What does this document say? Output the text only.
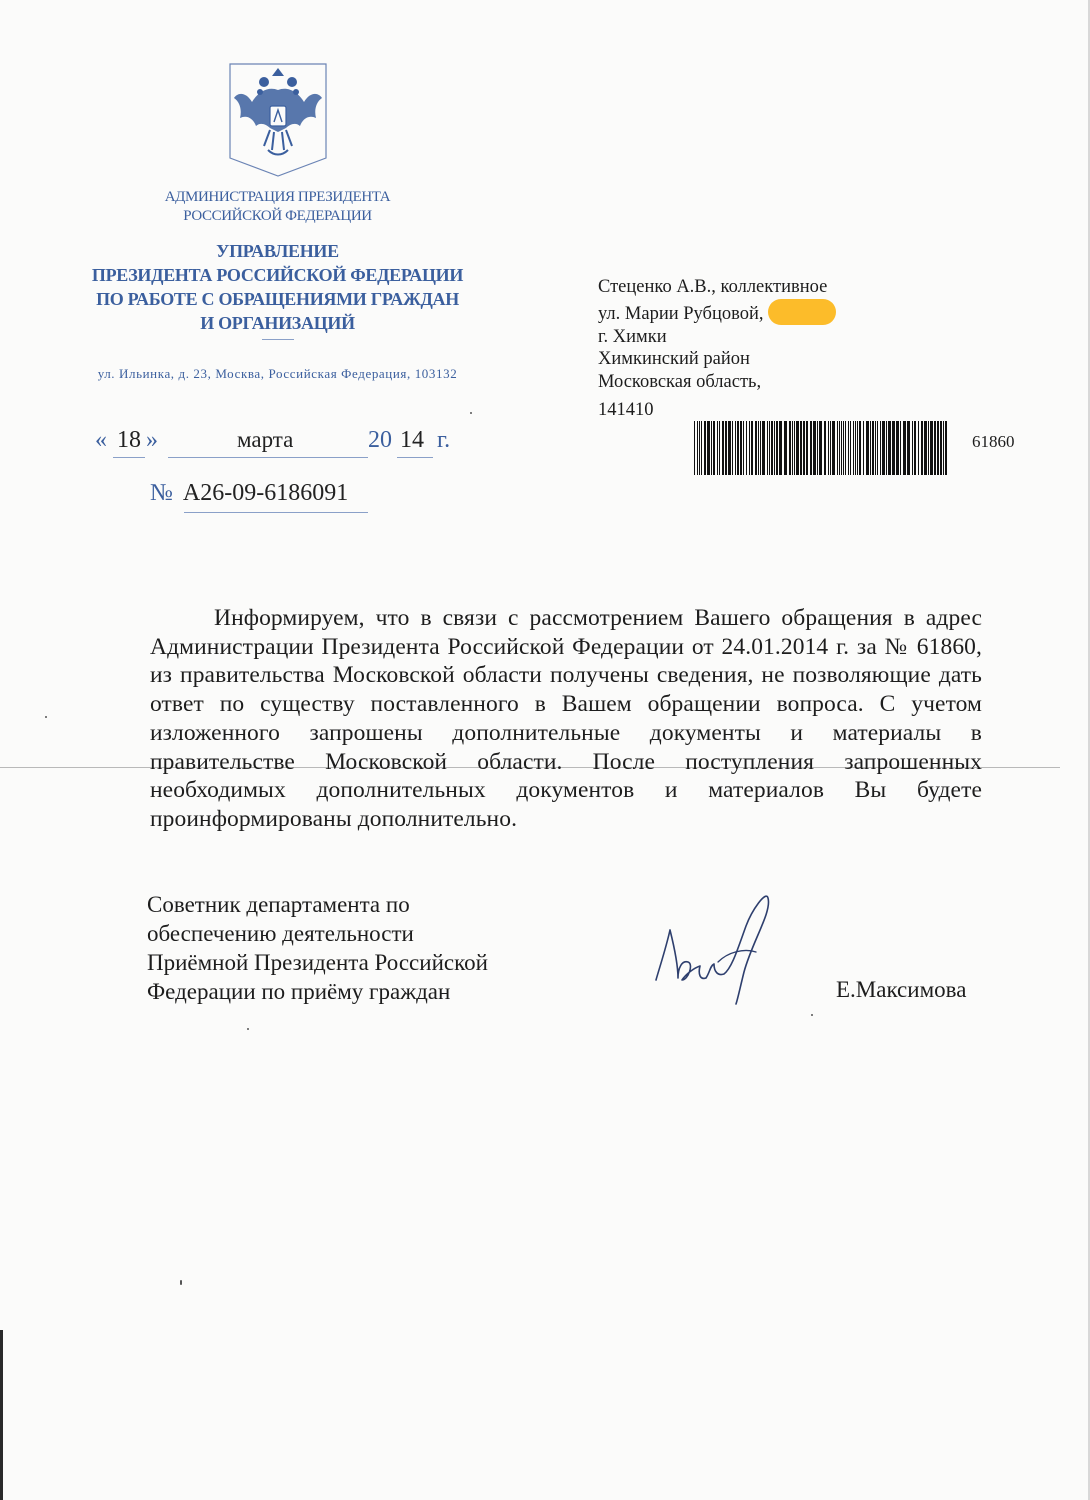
АДМИНИСТРАЦИЯ ПРЕЗИДЕНТА
РОССИЙСКОЙ ФЕДЕРАЦИИ
УПРАВЛЕНИЕ
ПРЕЗИДЕНТА РОССИЙСКОЙ ФЕДЕРАЦИИ
ПО РАБОТЕ С ОБРАЩЕНИЯМИ ГРАЖДАН
И ОРГАНИЗАЦИЙ
ул. Ильинка, д. 23, Москва, Российская Федерация, 103132
« 18 »	марта	20 14 г.
№ А26-09-6186091
Стеценко А.В., коллективное
ул. Марии Рубцовой,
г. Химки
Химкинский район
Московская область,
141410
61860
Информируем, что в связи с рассмотрением Вашего обращения в адрес Администрации Президента Российской Федерации от 24.01.2014 г. за № 61860, из правительства Московской области получены сведения, не позволяющие дать ответ по существу поставленного в Вашем обращении вопроса. С учетом изложенного запрошены дополнительные документы и материалы в правительстве Московской области. После поступления запрошенных необходимых дополнительных документов и материалов Вы будете проинформированы дополнительно.
Советник департамента по
обеспечению деятельности
Приёмной Президента Российской
Федерации по приёму граждан	Е.Максимова
